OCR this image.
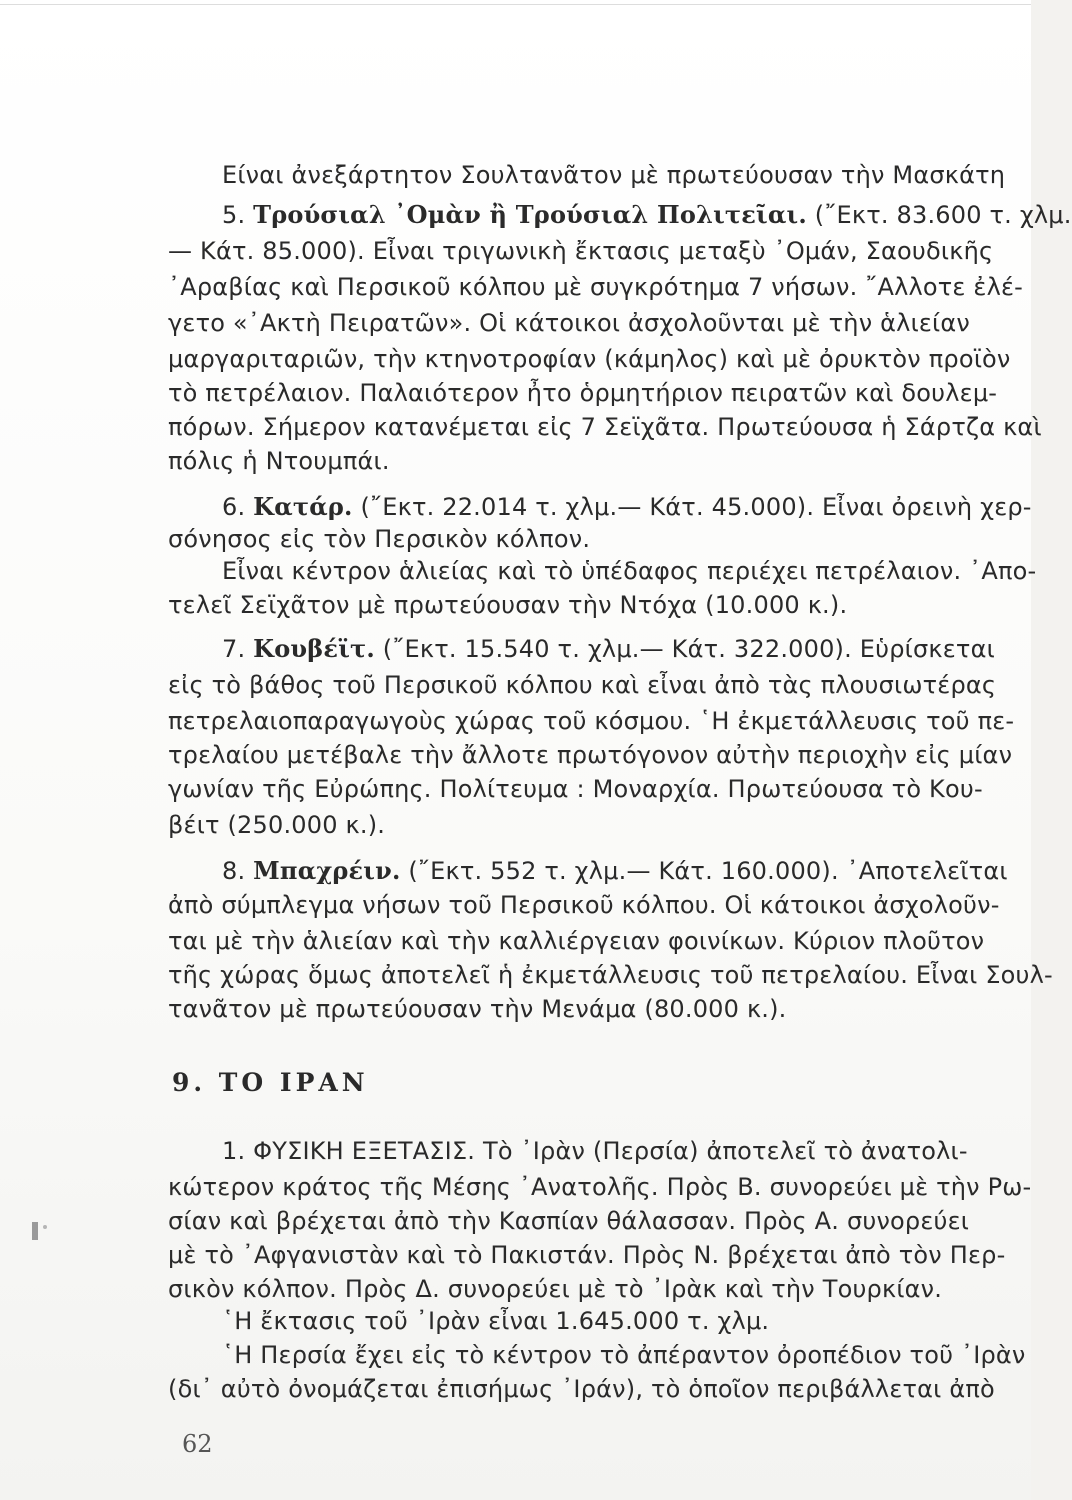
Είναι ἀνεξάρτητον Σουλτανᾶτον μὲ πρωτεύουσαν τὴν Μασκάτη
5. Τρούσιαλ ᾿Ομὰν ἢ Τρούσιαλ Πολιτεῖαι. (῎Εκτ. 83.600 τ. χλμ.
— Κάτ. 85.000). Εἶναι τριγωνικὴ ἔκτασις μεταξὺ ᾿Ομάν, Σαουδικῆς
᾿Αραβίας καὶ Περσικοῦ κόλπου μὲ συγκρότημα 7 νήσων. ῎Αλλοτε ἐλέ-
γετο «᾿Ακτὴ Πειρατῶν». Οἱ κάτοικοι ἀσχολοῦνται μὲ τὴν ἁλιείαν
μαργαριταριῶν, τὴν κτηνοτροφίαν (κάμηλος) καὶ μὲ ὀρυκτὸν προϊὸν
τὸ πετρέλαιον. Παλαιότερον ἦτο ὁρμητήριον πειρατῶν καὶ δουλεμ-
πόρων. Σήμερον κατανέμεται εἰς 7 Σεϊχᾶτα. Πρωτεύουσα ἡ Σάρτζα καὶ
πόλις ἡ Ντουμπάι.
6. Κατάρ. (῎Εκτ. 22.014 τ. χλμ.— Κάτ. 45.000). Εἶναι ὀρεινὴ χερ-
σόνησος εἰς τὸν Περσικὸν κόλπον.
Εἶναι κέντρον ἁλιείας καὶ τὸ ὑπέδαφος περιέχει πετρέλαιον. ᾿Απο-
τελεῖ Σεϊχᾶτον μὲ πρωτεύουσαν τὴν Ντόχα (10.000 κ.).
7. Κουβέϊτ. (῎Εκτ. 15.540 τ. χλμ.— Κάτ. 322.000). Εὑρίσκεται
εἰς τὸ βάθος τοῦ Περσικοῦ κόλπου καὶ εἶναι ἀπὸ τὰς πλουσιωτέρας
πετρελαιοπαραγωγοὺς χώρας τοῦ κόσμου. ῾Η ἐκμετάλλευσις τοῦ πε-
τρελαίου μετέβαλε τὴν ἄλλοτε πρωτόγονον αὐτὴν περιοχὴν εἰς μίαν
γωνίαν τῆς Εὐρώπης. Πολίτευμα : Μοναρχία. Πρωτεύουσα τὸ Κου-
βέιτ (250.000 κ.).
8. Μπαχρέιν. (῎Εκτ. 552 τ. χλμ.— Κάτ. 160.000). ᾿Αποτελεῖται
ἀπὸ σύμπλεγμα νήσων τοῦ Περσικοῦ κόλπου. Οἱ κάτοικοι ἀσχολοῦν-
ται μὲ τὴν ἁλιείαν καὶ τὴν καλλιέργειαν φοινίκων. Κύριον πλοῦτον
τῆς χώρας ὅμως ἀποτελεῖ ἡ ἐκμετάλλευσις τοῦ πετρελαίου. Εἶναι Σουλ-
τανᾶτον μὲ πρωτεύουσαν τὴν Μενάμα (80.000 κ.).
9. ΤΟ ΙΡΑΝ
1. ΦΥΣΙΚΗ ΕΞΕΤΑΣΙΣ. Τὸ ᾿Ιρὰν (Περσία) ἀποτελεῖ τὸ ἀνατολι-
κώτερον κράτος τῆς Μέσης ᾿Ανατολῆς. Πρὸς Β. συνορεύει μὲ τὴν Ρω-
σίαν καὶ βρέχεται ἀπὸ τὴν Κασπίαν θάλασσαν. Πρὸς Α. συνορεύει
μὲ τὸ ᾿Αφγανιστὰν καὶ τὸ Πακιστάν. Πρὸς Ν. βρέχεται ἀπὸ τὸν Περ-
σικὸν κόλπον. Πρὸς Δ. συνορεύει μὲ τὸ ᾿Ιρὰκ καὶ τὴν Τουρκίαν.
῾Η ἔκτασις τοῦ ᾿Ιρὰν εἶναι 1.645.000 τ. χλμ.
῾Η Περσία ἔχει εἰς τὸ κέντρον τὸ ἀπέραντον ὀροπέδιον τοῦ ᾿Ιρὰν
(δι᾿ αὐτὸ ὀνομάζεται ἐπισήμως ᾿Ιράν), τὸ ὁποῖον περιβάλλεται ἀπὸ
62
